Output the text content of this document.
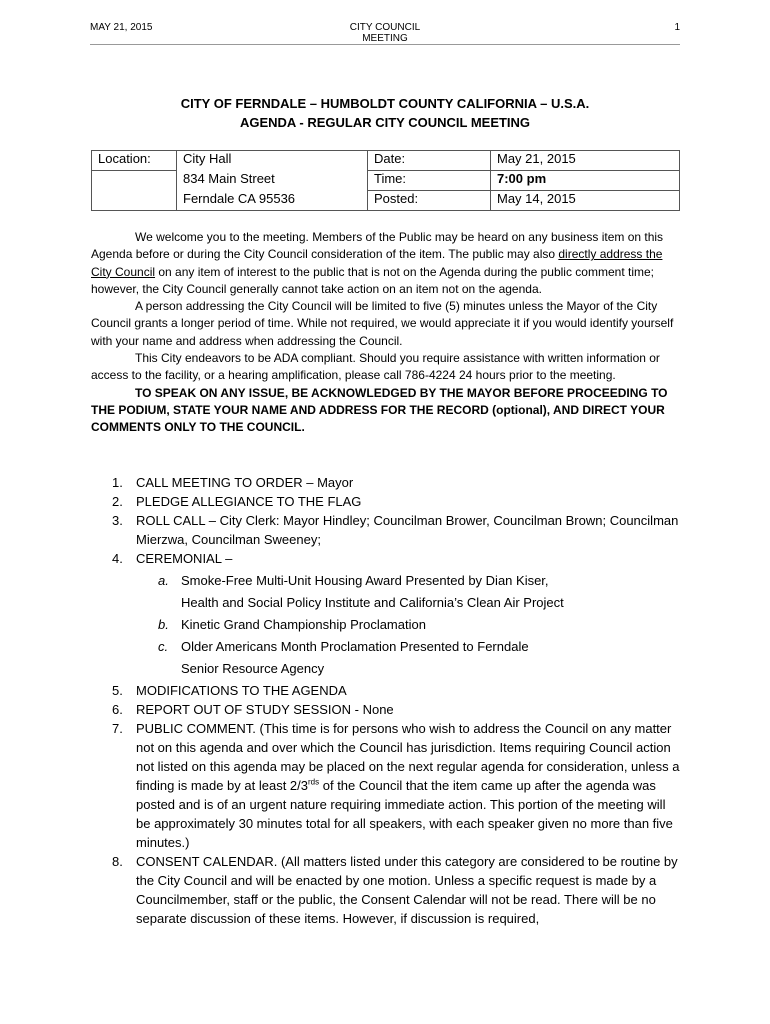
MAY 21, 2015	CITY COUNCIL MEETING
1
CITY OF FERNDALE – HUMBOLDT COUNTY CALIFORNIA – U.S.A.
AGENDA - REGULAR CITY COUNCIL MEETING
Location:	City Hall	Date:	May 21, 2015
	834 Main Street	Time:	7:00 pm
	Ferndale CA 95536	Posted:	May 14, 2015

We welcome you to the meeting. Members of the Public may be heard on any business item on this Agenda before or during the City Council consideration of the item. The public may also directly address the City Council on any item of interest to the public that is not on the Agenda during the public comment time; however, the City Council generally cannot take action on an item not on the agenda.

A person addressing the City Council will be limited to five (5) minutes unless the Mayor of the City Council grants a longer period of time. While not required, we would appreciate it if you would identify yourself with your name and address when addressing the Council.

This City endeavors to be ADA compliant. Should you require assistance with written information or access to the facility, or a hearing amplification, please call 786-4224 24 hours prior to the meeting.

TO SPEAK ON ANY ISSUE, BE ACKNOWLEDGED BY THE MAYOR BEFORE PROCEEDING TO THE PODIUM, STATE YOUR NAME AND ADDRESS FOR THE RECORD (optional), AND DIRECT YOUR COMMENTS ONLY TO THE COUNCIL.

1. CALL MEETING TO ORDER – Mayor
2. PLEDGE ALLEGIANCE TO THE FLAG
3. ROLL CALL – City Clerk: Mayor Hindley; Councilman Brower, Councilman Brown; Councilman Mierzwa, Councilman Sweeney;
4. CEREMONIAL –
a. Smoke-Free Multi-Unit Housing Award Presented by Dian Kiser,
Health and Social Policy Institute and California’s Clean Air Project
b. Kinetic Grand Championship Proclamation
c. Older Americans Month Proclamation Presented to Ferndale
Senior Resource Agency
5. MODIFICATIONS TO THE AGENDA
6. REPORT OUT OF STUDY SESSION - None
7. PUBLIC COMMENT. (This time is for persons who wish to address the Council on any matter not on this agenda and over which the Council has jurisdiction. Items requiring Council action not listed on this agenda may be placed on the next regular agenda for consideration, unless a finding is made by at least $2/3^{rds}$ of the Council that the item came up after the agenda was posted and is of an urgent nature requiring immediate action. This portion of the meeting will be approximately 30 minutes total for all speakers, with each speaker given no more than five minutes.)
8. CONSENT CALENDAR. (All matters listed under this category are considered to be routine by the City Council and will be enacted by one motion. Unless a specific request is made by a Councilmember, staff or the public, the Consent Calendar will not be read. There will be no separate discussion of these items. However, if discussion is required,
